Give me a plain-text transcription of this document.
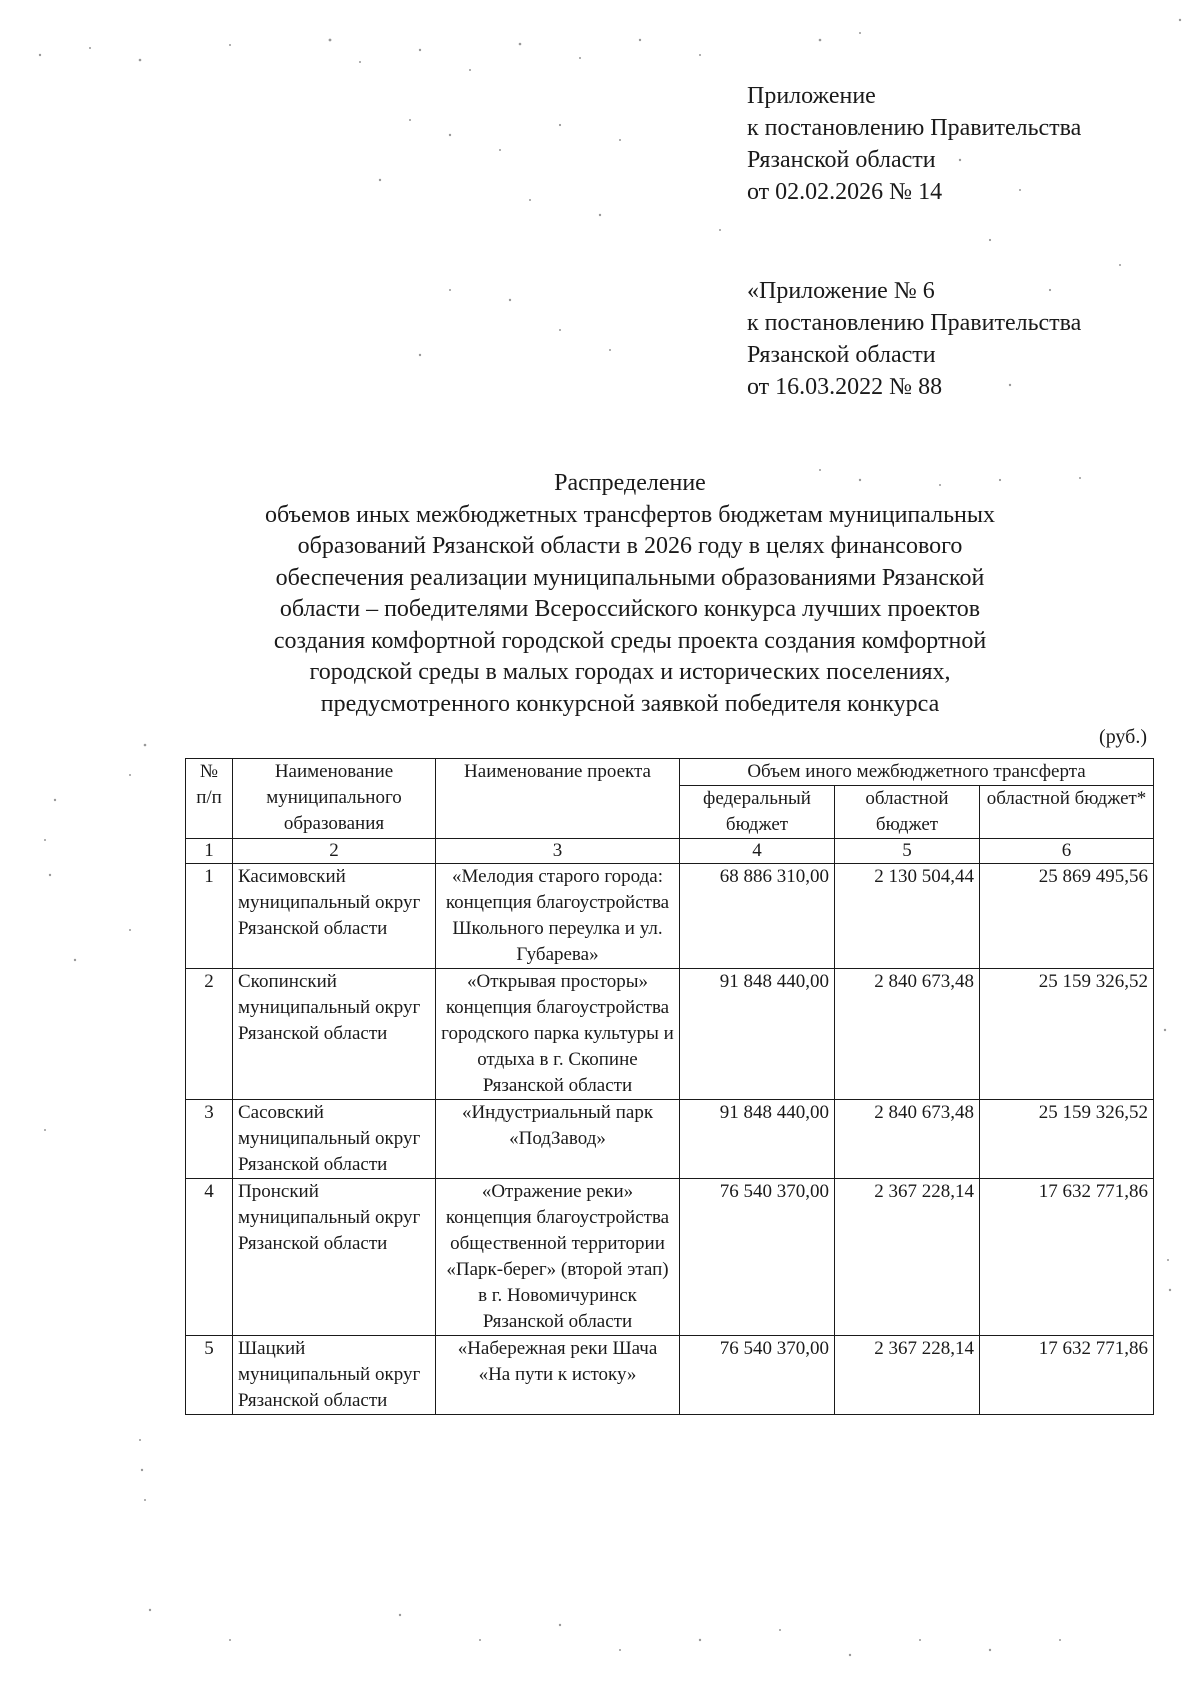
Приложение
к постановлению Правительства
Рязанской области
от 02.02.2026 № 14
«Приложение № 6
к постановлению Правительства
Рязанской области
от 16.03.2022 № 88
Распределение
объемов иных межбюджетных трансфертов бюджетам муниципальных
образований Рязанской области в 2026 году в целях финансового
обеспечения реализации муниципальными образованиями Рязанской
области – победителями Всероссийского конкурса лучших проектов
создания комфортной городской среды проекта создания комфортной
городской среды в малых городах и исторических поселениях,
предусмотренного конкурсной заявкой победителя конкурса
(руб.)
№ п/п	Наименование муниципального образования	Наименование проекта	Объем иного межбюджетного трансферта		
			федеральный бюджет	областной бюджет	областной бюджет*
1	2	3	4	5	6
1	Касимовский муниципальный округ Рязанской области	«Мелодия старого города: концепция благоустройства Школьного переулка и ул. Губарева»	68 886 310,00	2 130 504,44	25 869 495,56
2	Скопинский муниципальный округ Рязанской области	«Открывая просторы» концепция благоустройства городского парка культуры и отдыха в г. Скопине Рязанской области	91 848 440,00	2 840 673,48	25 159 326,52
3	Сасовский муниципальный округ Рязанской области	«Индустриальный парк «ПодЗавод»	91 848 440,00	2 840 673,48	25 159 326,52
4	Пронский муниципальный округ Рязанской области	«Отражение реки» концепция благоустройства общественной территории «Парк-берег» (второй этап) в г. Новомичуринск Рязанской области	76 540 370,00	2 367 228,14	17 632 771,86
5	Шацкий муниципальный округ Рязанской области	«Набережная реки Шача «На пути к истоку»	76 540 370,00	2 367 228,14	17 632 771,86
